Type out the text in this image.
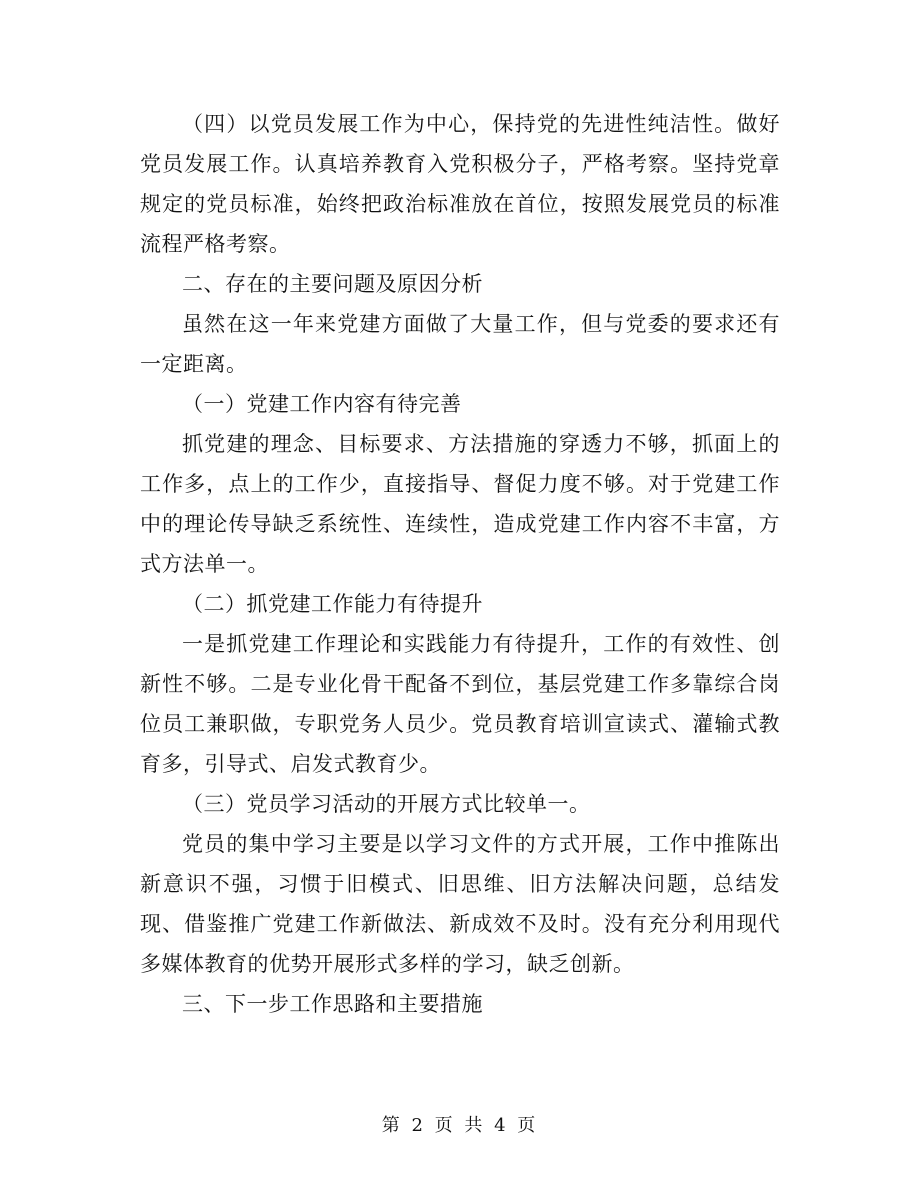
（四）以党员发展工作为中心，保持党的先进性纯洁性。做好党员发展工作。认真培养教育入党积极分子，严格考察。坚持党章规定的党员标准，始终把政治标准放在首位，按照发展党员的标准流程严格考察。

二、存在的主要问题及原因分析

虽然在这一年来党建方面做了大量工作，但与党委的要求还有一定距离。

（一）党建工作内容有待完善

抓党建的理念、目标要求、方法措施的穿透力不够，抓面上的工作多，点上的工作少，直接指导、督促力度不够。对于党建工作中的理论传导缺乏系统性、连续性，造成党建工作内容不丰富，方式方法单一。

（二）抓党建工作能力有待提升

一是抓党建工作理论和实践能力有待提升，工作的有效性、创新性不够。二是专业化骨干配备不到位，基层党建工作多靠综合岗位员工兼职做，专职党务人员少。党员教育培训宣读式、灌输式教育多，引导式、启发式教育少。

（三）党员学习活动的开展方式比较单一。

党员的集中学习主要是以学习文件的方式开展，工作中推陈出新意识不强，习惯于旧模式、旧思维、旧方法解决问题，总结发现、借鉴推广党建工作新做法、新成效不及时。没有充分利用现代多媒体教育的优势开展形式多样的学习，缺乏创新。

三、下一步工作思路和主要措施

第 2 页 共 4 页
